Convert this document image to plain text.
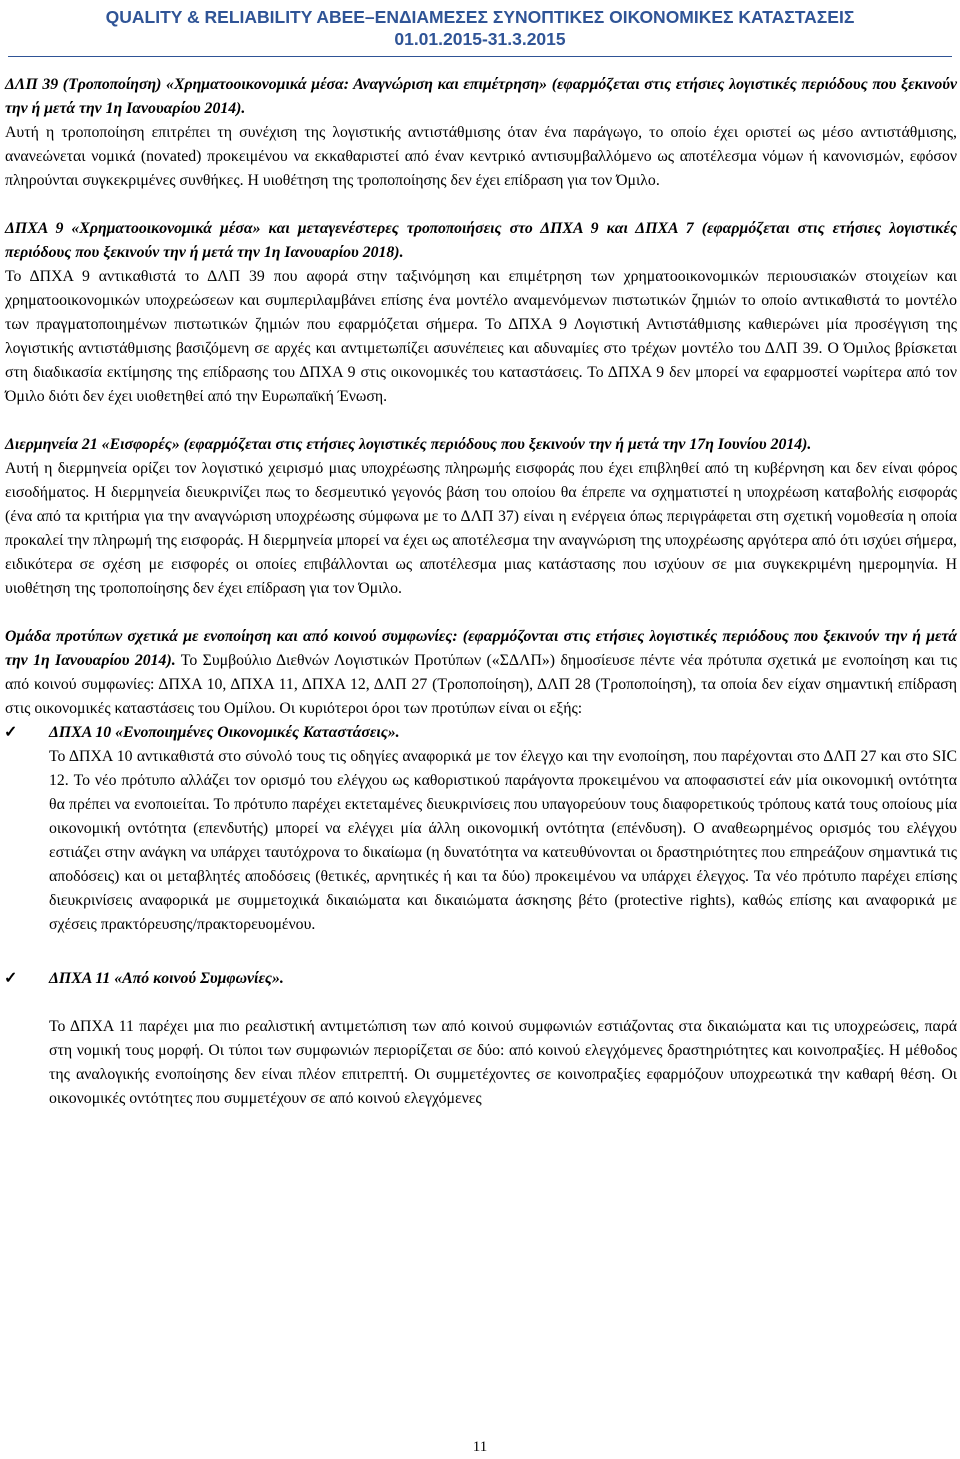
QUALITY & RELIABILITY ABEE–ΕΝΔΙΑΜΕΣΕΣ ΣΥΝΟΠΤΙΚΕΣ ΟΙΚΟΝΟΜΙΚΕΣ ΚΑΤΑΣΤΑΣΕΙΣ
01.01.2015-31.3.2015

ΔΛΠ 39 (Τροποποίηση) «Χρηματοοικονομικά μέσα: Αναγνώριση και επιμέτρηση» (εφαρμόζεται στις ετήσιες λογιστικές περιόδους που ξεκινούν την ή μετά την 1η Ιανουαρίου 2014).

Αυτή η τροποποίηση επιτρέπει τη συνέχιση της λογιστικής αντιστάθμισης όταν ένα παράγωγο, το οποίο έχει οριστεί ως μέσο αντιστάθμισης, ανανεώνεται νομικά (novated) προκειμένου να εκκαθαριστεί από έναν κεντρικό αντισυμβαλλόμενο ως αποτέλεσμα νόμων ή κανονισμών, εφόσον πληρούνται συγκεκριμένες συνθήκες. Η υιοθέτηση της τροποποίησης δεν έχει επίδραση για τον Όμιλο.

ΔΠΧΑ 9 «Χρηματοοικονομικά μέσα» και μεταγενέστερες τροποποιήσεις στο ΔΠΧΑ 9 και ΔΠΧΑ 7 (εφαρμόζεται στις ετήσιες λογιστικές περιόδους που ξεκινούν την ή μετά την 1η Ιανουαρίου 2018).

Το ΔΠΧΑ 9 αντικαθιστά το ΔΛΠ 39 που αφορά στην ταξινόμηση και επιμέτρηση των χρηματοοικονομικών περιουσιακών στοιχείων και χρηματοοικονομικών υποχρεώσεων και συμπεριλαμβάνει επίσης ένα μοντέλο αναμενόμενων πιστωτικών ζημιών το οποίο αντικαθιστά το μοντέλο των πραγματοποιημένων πιστωτικών ζημιών που εφαρμόζεται σήμερα. Το ΔΠΧΑ 9 Λογιστική Αντιστάθμισης καθιερώνει μία προσέγγιση της λογιστικής αντιστάθμισης βασιζόμενη σε αρχές και αντιμετωπίζει ασυνέπειες και αδυναμίες στο τρέχων μοντέλο του ΔΛΠ 39. Ο Όμιλος βρίσκεται στη διαδικασία εκτίμησης της επίδρασης του ΔΠΧΑ 9 στις οικονομικές του καταστάσεις. Το ΔΠΧΑ 9 δεν μπορεί να εφαρμοστεί νωρίτερα από τον Όμιλο διότι δεν έχει υιοθετηθεί από την Ευρωπαϊκή Ένωση.

Διερμηνεία 21 «Εισφορές» (εφαρμόζεται στις ετήσιες λογιστικές περιόδους που ξεκινούν την ή μετά την 17η Ιουνίου 2014).

Αυτή η διερμηνεία ορίζει τον λογιστικό χειρισμό μιας υποχρέωσης πληρωμής εισφοράς που έχει επιβληθεί από τη κυβέρνηση και δεν είναι φόρος εισοδήματος. Η διερμηνεία διευκρινίζει πως το δεσμευτικό γεγονός βάση του οποίου θα έπρεπε να σχηματιστεί η υποχρέωση καταβολής εισφοράς (ένα από τα κριτήρια για την αναγνώριση υποχρέωσης σύμφωνα με το ΔΛΠ 37) είναι η ενέργεια όπως περιγράφεται στη σχετική νομοθεσία η οποία προκαλεί την πληρωμή της εισφοράς. Η διερμηνεία μπορεί να έχει ως αποτέλεσμα την αναγνώριση της υποχρέωσης αργότερα από ότι ισχύει σήμερα, ειδικότερα σε σχέση με εισφορές οι οποίες επιβάλλονται ως αποτέλεσμα μιας κατάστασης που ισχύουν σε μια συγκεκριμένη ημερομηνία. Η υιοθέτηση της τροποποίησης δεν έχει επίδραση για τον Όμιλο.

Ομάδα προτύπων σχετικά με ενοποίηση και από κοινού συμφωνίες: (εφαρμόζονται στις ετήσιες λογιστικές περιόδους που ξεκινούν την ή μετά την 1η Ιανουαρίου 2014). Το Συμβούλιο Διεθνών Λογιστικών Προτύπων («ΣΔΛΠ») δημοσίευσε πέντε νέα πρότυπα σχετικά με ενοποίηση και τις από κοινού συμφωνίες: ΔΠΧΑ 10, ΔΠΧΑ 11, ΔΠΧΑ 12, ΔΛΠ 27 (Τροποποίηση), ΔΛΠ 28 (Τροποποίηση), τα οποία δεν είχαν σημαντική επίδραση στις οικονομικές καταστάσεις του Ομίλου. Οι κυριότεροι όροι των προτύπων είναι οι εξής:

✓	ΔΠΧΑ 10 «Ενοποιημένες Οικονομικές Καταστάσεις».

Το ΔΠΧΑ 10 αντικαθιστά στο σύνολό τους τις οδηγίες αναφορικά με τον έλεγχο και την ενοποίηση, που παρέχονται στο ΔΛΠ 27 και στο SIC 12. Το νέο πρότυπο αλλάζει τον ορισμό του ελέγχου ως καθοριστικού παράγοντα προκειμένου να αποφασιστεί εάν μία οικονομική οντότητα θα πρέπει να ενοποιείται. Το πρότυπο παρέχει εκτεταμένες διευκρινίσεις που υπαγορεύουν τους διαφορετικούς τρόπους κατά τους οποίους μία οικονομική οντότητα (επενδυτής) μπορεί να ελέγχει μία άλλη οικονομική οντότητα (επένδυση). Ο αναθεωρημένος ορισμός του ελέγχου εστιάζει στην ανάγκη να υπάρχει ταυτόχρονα το δικαίωμα (η δυνατότητα να κατευθύνονται οι δραστηριότητες που επηρεάζουν σημαντικά τις αποδόσεις) και οι μεταβλητές αποδόσεις (θετικές, αρνητικές ή και τα δύο) προκειμένου να υπάρχει έλεγχος. Τα νέο πρότυπο παρέχει επίσης διευκρινίσεις αναφορικά με συμμετοχικά δικαιώματα και δικαιώματα άσκησης βέτο (protective rights), καθώς επίσης και αναφορικά με σχέσεις πρακτόρευσης/πρακτορευομένου.

✓	ΔΠΧΑ 11 «Από κοινού Συμφωνίες».

Το ΔΠΧΑ 11 παρέχει μια πιο ρεαλιστική αντιμετώπιση των από κοινού συμφωνιών εστιάζοντας στα δικαιώματα και τις υποχρεώσεις, παρά στη νομική τους μορφή. Οι τύποι των συμφωνιών περιορίζεται σε δύο: από κοινού ελεγχόμενες δραστηριότητες και κοινοπραξίες. Η μέθοδος της αναλογικής ενοποίησης δεν είναι πλέον επιτρεπτή. Οι συμμετέχοντες σε κοινοπραξίες εφαρμόζουν υποχρεωτικά την καθαρή θέση. Οι οικονομικές οντότητες που συμμετέχουν σε από κοινού ελεγχόμενες

11
